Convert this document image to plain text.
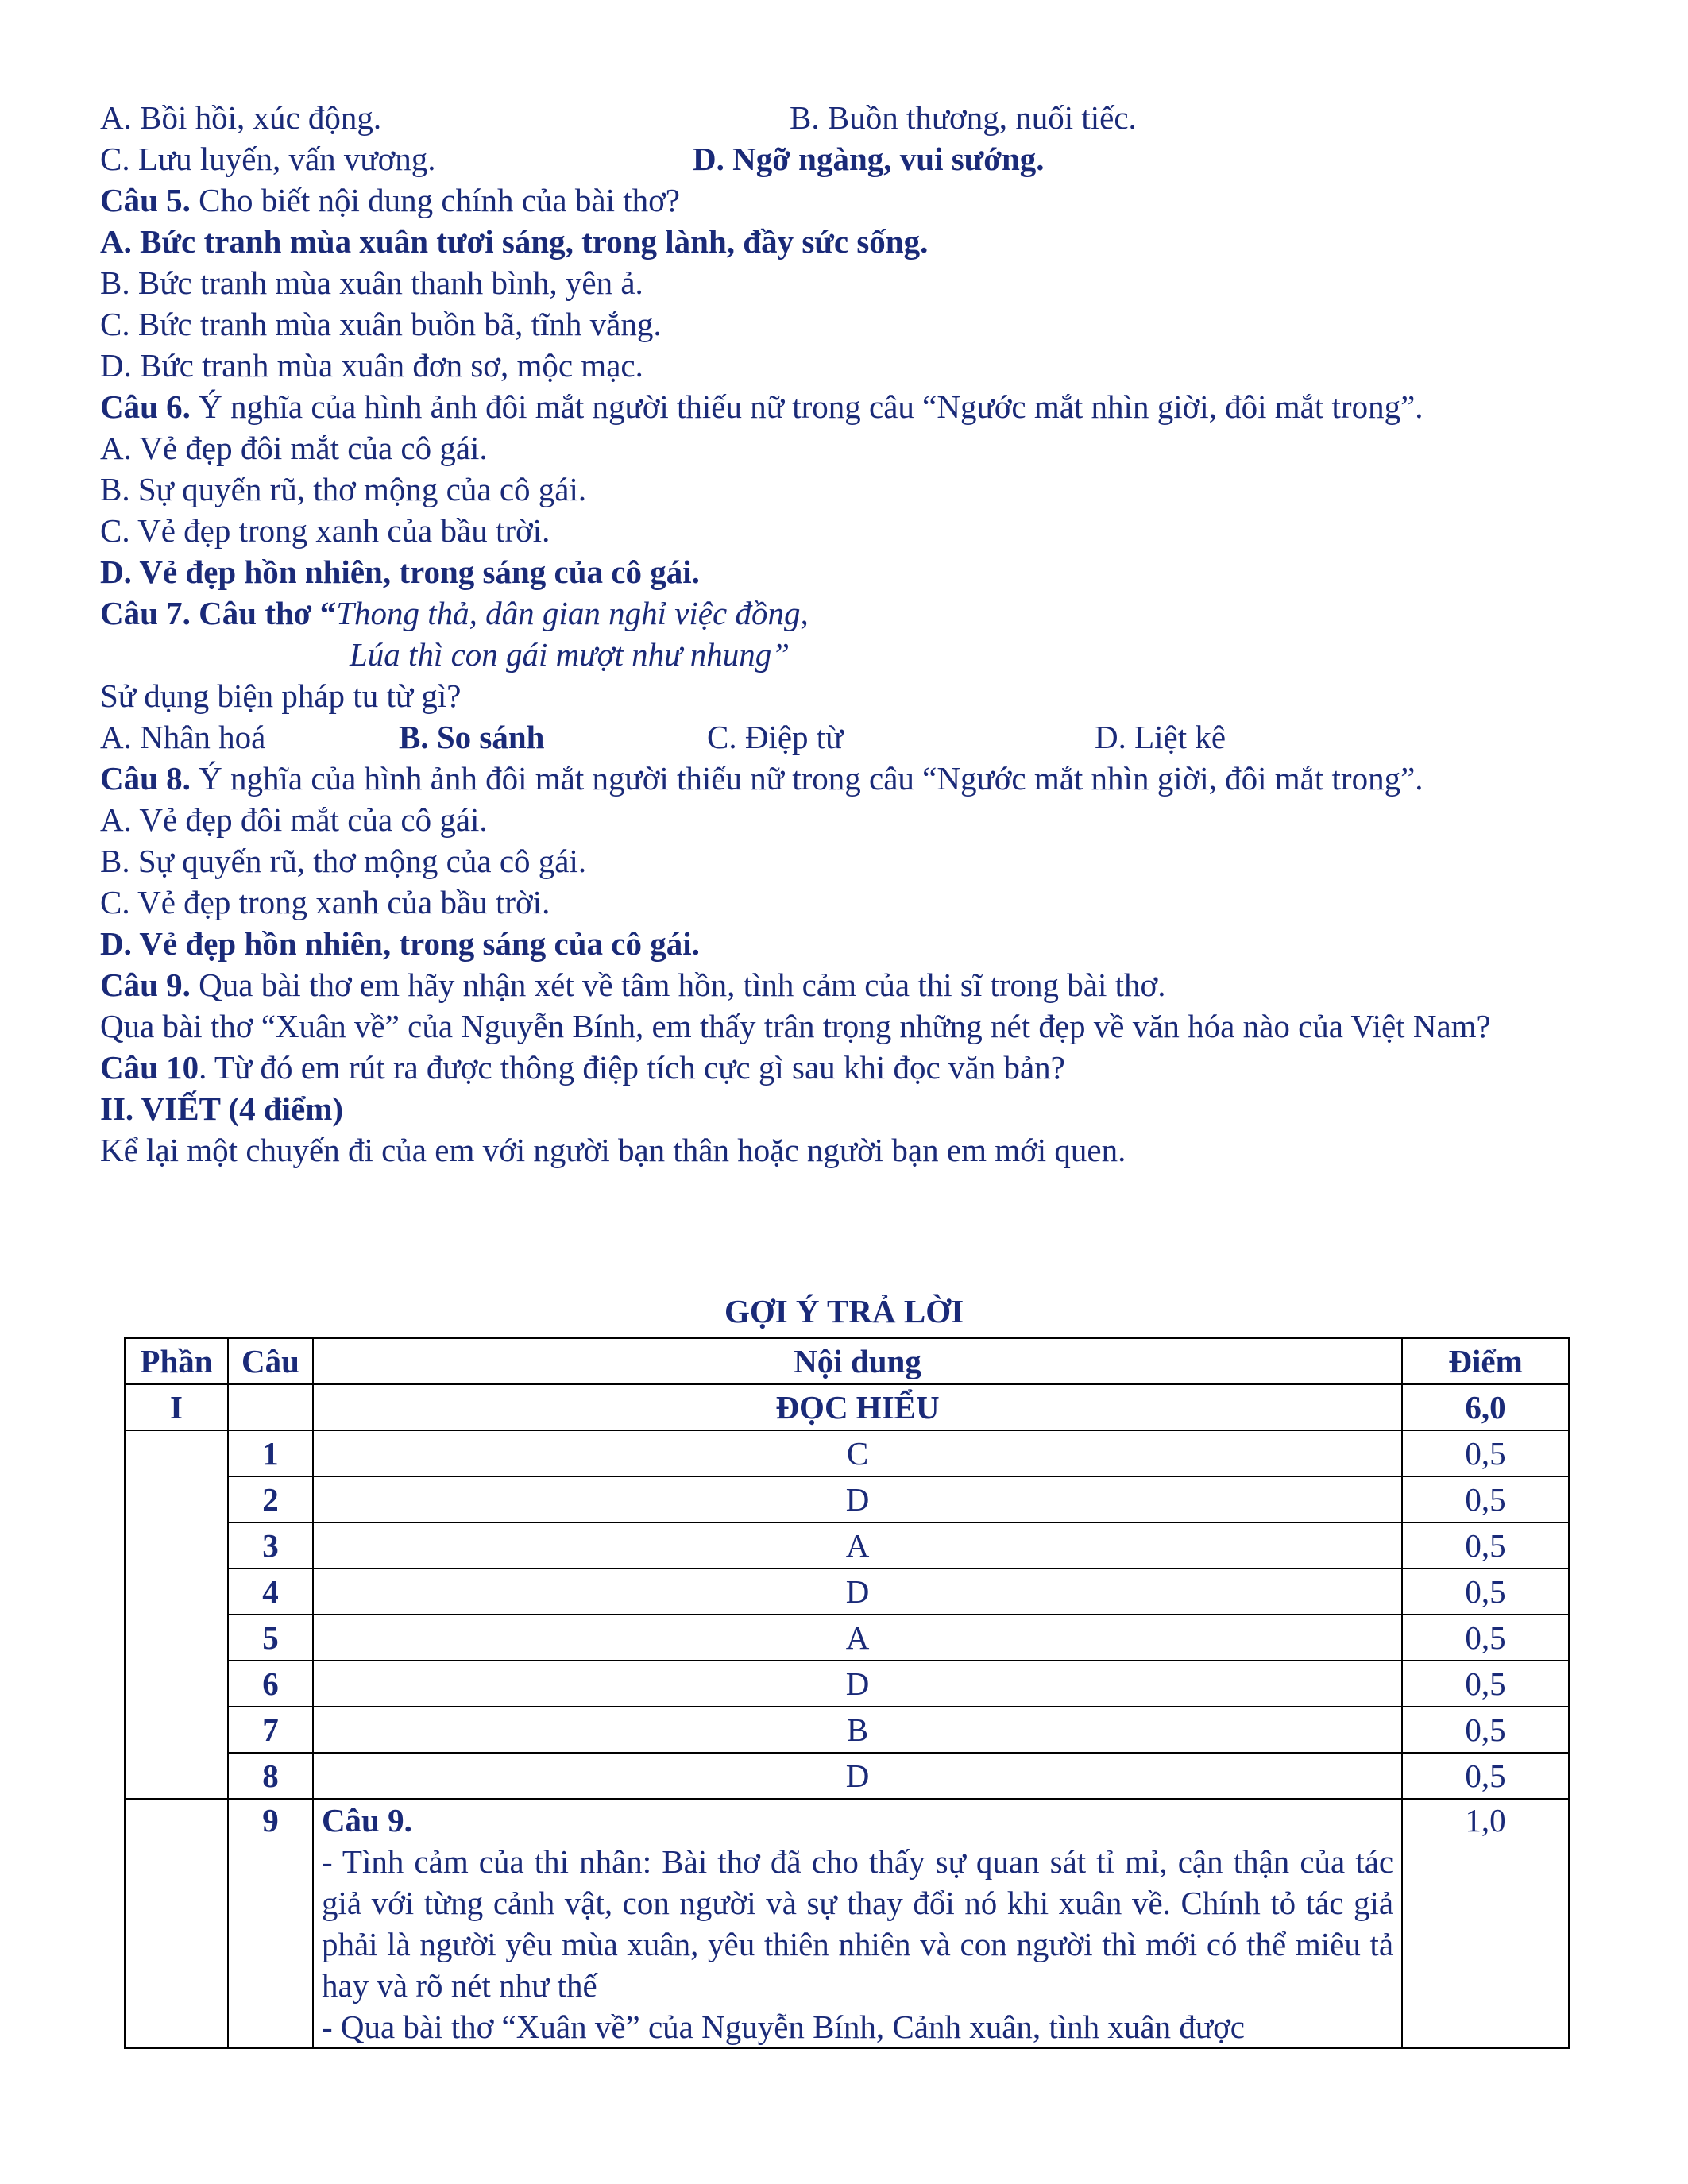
A. Bồi hồi, xúc động.	B. Buồn thương, nuối tiếc.
C. Lưu luyến, vấn vương.	D. Ngỡ ngàng, vui sướng.
Câu 5. Cho biết nội dung chính của bài thơ?
A. Bức tranh mùa xuân tươi sáng, trong lành, đầy sức sống.
B. Bức tranh mùa xuân thanh bình, yên ả.
C. Bức tranh mùa xuân buồn bã, tĩnh vắng.
D. Bức tranh mùa xuân đơn sơ, mộc mạc.
Câu 6. Ý nghĩa của hình ảnh đôi mắt người thiếu nữ trong câu “Ngước mắt nhìn giời, đôi mắt trong”.
A. Vẻ đẹp đôi mắt của cô gái.
B. Sự quyến rũ, thơ mộng của cô gái.
C. Vẻ đẹp trong xanh của bầu trời.
D. Vẻ đẹp hồn nhiên, trong sáng của cô gái.
Câu 7. Câu thơ “Thong thả, dân gian nghỉ việc đồng,
Lúa thì con gái mượt như nhung”
Sử dụng biện pháp tu từ gì?
A. Nhân hoá	B. So sánh	C. Điệp từ	D. Liệt kê
Câu 8. Ý nghĩa của hình ảnh đôi mắt người thiếu nữ trong câu “Ngước mắt nhìn giời, đôi mắt trong”.
A. Vẻ đẹp đôi mắt của cô gái.
B. Sự quyến rũ, thơ mộng của cô gái.
C. Vẻ đẹp trong xanh của bầu trời.
D. Vẻ đẹp hồn nhiên, trong sáng của cô gái.
Câu 9. Qua bài thơ em hãy nhận xét về tâm hồn, tình cảm của thi sĩ trong bài thơ.
Qua bài thơ “Xuân về” của Nguyễn Bính, em thấy trân trọng những nét đẹp về văn hóa nào của Việt Nam?
Câu 10. Từ đó em rút ra được thông điệp tích cực gì sau khi đọc văn bản?
II. VIẾT (4 điểm)
Kể lại một chuyến đi của em với người bạn thân hoặc người bạn em mới quen.
GỢI Ý TRẢ LỜI
Phần	Câu	Nội dung	Điểm
I		ĐỌC HIỂU	6,0
	1	C	0,5
	2	D	0,5
	3	A	0,5
	4	D	0,5
	5	A	0,5
	6	D	0,5
	7	B	0,5
	8	D	0,5
	9	Câu 9.

- Tình cảm của thi nhân: Bài thơ đã cho thấy sự quan sát tỉ mỉ, cận thận của tác giả với từng cảnh vật, con người và sự thay đổi nó khi xuân về. Chính tỏ tác giả phải là người yêu mùa xuân, yêu thiên nhiên và con người thì mới có thể miêu tả hay và rõ nét như thế

- Qua bài thơ “Xuân về” của Nguyễn Bính, Cảnh xuân, tình xuân được	1,0
